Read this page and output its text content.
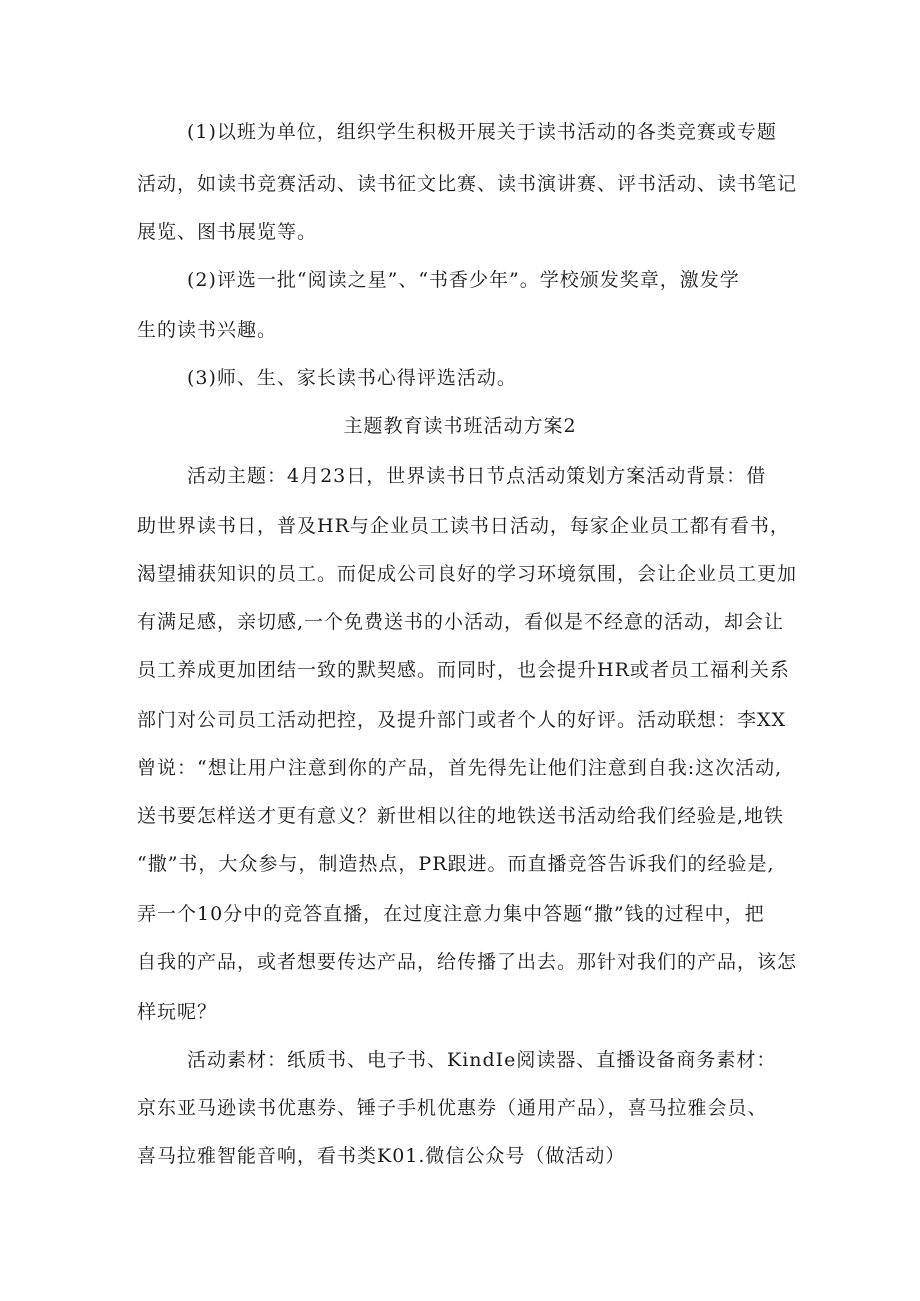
(1)以班为单位，组织学生积极开展关于读书活动的各类竞赛或专题
活动，如读书竞赛活动、读书征文比赛、读书演讲赛、评书活动、读书笔记
展览、图书展览等。
(2)评选一批“阅读之星”、“书香少年”。学校颁发奖章，激发学
生的读书兴趣。
(3)师、生、家长读书心得评选活动。
主题教育读书班活动方案2
活动主题：4月23日，世界读书日节点活动策划方案活动背景：借
助世界读书日，普及HR与企业员工读书日活动，每家企业员工都有看书，
渴望捕获知识的员工。而促成公司良好的学习环境氛围，会让企业员工更加
有满足感，亲切感,一个免费送书的小活动，看似是不经意的活动，却会让
员工养成更加团结一致的默契感。而同时，也会提升HR或者员工福利关系
部门对公司员工活动把控，及提升部门或者个人的好评。活动联想：李XX
曾说：“想让用户注意到你的产品，首先得先让他们注意到自我:这次活动,
送书要怎样送才更有意义？新世相以往的地铁送书活动给我们经验是,地铁
“撒”书，大众参与，制造热点，PR跟进。而直播竞答告诉我们的经验是,
弄一个10分中的竞答直播，在过度注意力集中答题“撒”钱的过程中，把
自我的产品，或者想要传达产品，给传播了出去。那针对我们的产品，该怎
样玩呢？
活动素材：纸质书、电子书、KindIe阅读器、直播设备商务素材：
京东亚马逊读书优惠券、锤子手机优惠券（通用产品），喜马拉雅会员、
喜马拉雅智能音响，看书类K01.微信公众号（做活动）
